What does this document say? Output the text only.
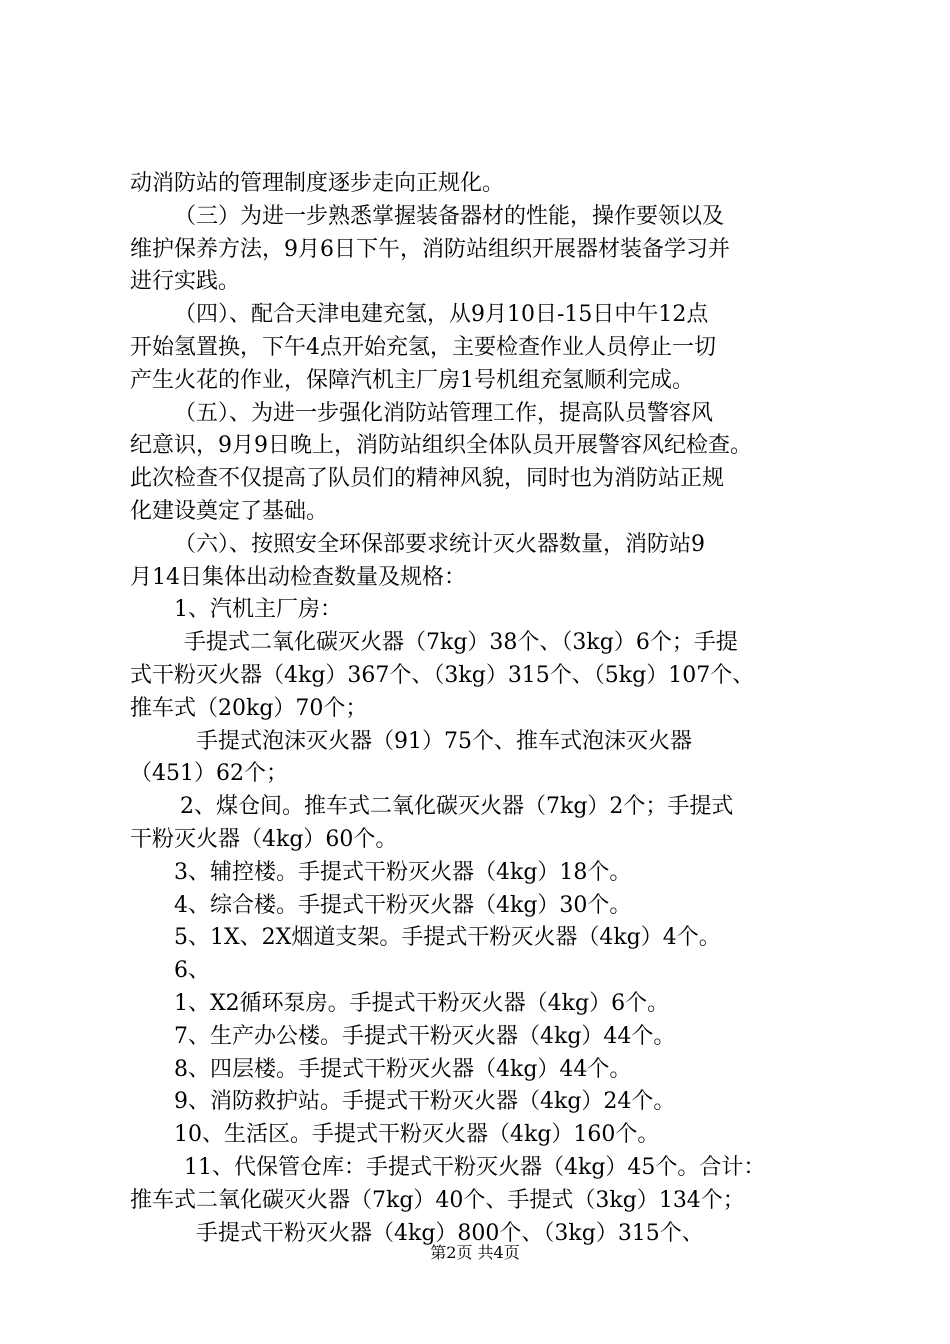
动消防站的管理制度逐步走向正规化。
（三）为进一步熟悉掌握装备器材的性能，操作要领以及
维护保养方法，9月6日下午，消防站组织开展器材装备学习并
进行实践。
（四）、配合天津电建充氢，从9月10日-15日中午12点
开始氢置换，下午4点开始充氢，主要检查作业人员停止一切
产生火花的作业，保障汽机主厂房1号机组充氢顺利完成。
（五）、为进一步强化消防站管理工作，提高队员警容风
纪意识，9月9日晚上，消防站组织全体队员开展警容风纪检查。
此次检查不仅提高了队员们的精神风貌，同时也为消防站正规
化建设奠定了基础。
（六）、按照安全环保部要求统计灭火器数量，消防站9
月14日集体出动检查数量及规格：
1、汽机主厂房：
手提式二氧化碳灭火器（7kg）38个、（3kg）6个；手提
式干粉灭火器（4kg）367个、（3kg）315个、（5kg）107个、
推车式（20kg）70个；
手提式泡沫灭火器（91）75个、推车式泡沫灭火器
（451）62个；
2、煤仓间。推车式二氧化碳灭火器（7kg）2个；手提式
干粉灭火器（4kg）60个。
3、辅控楼。手提式干粉灭火器（4kg）18个。
4、综合楼。手提式干粉灭火器（4kg）30个。
5、1X、2X烟道支架。手提式干粉灭火器（4kg）4个。
6、
1、X2循环泵房。手提式干粉灭火器（4kg）6个。
7、生产办公楼。手提式干粉灭火器（4kg）44个。
8、四层楼。手提式干粉灭火器（4kg）44个。
9、消防救护站。手提式干粉灭火器（4kg）24个。
10、生活区。手提式干粉灭火器（4kg）160个。
11、代保管仓库：手提式干粉灭火器（4kg）45个。合计：
推车式二氧化碳灭火器（7kg）40个、手提式（3kg）134个；
手提式干粉灭火器（4kg）800个、（3kg）315个、
第2页 共4页
